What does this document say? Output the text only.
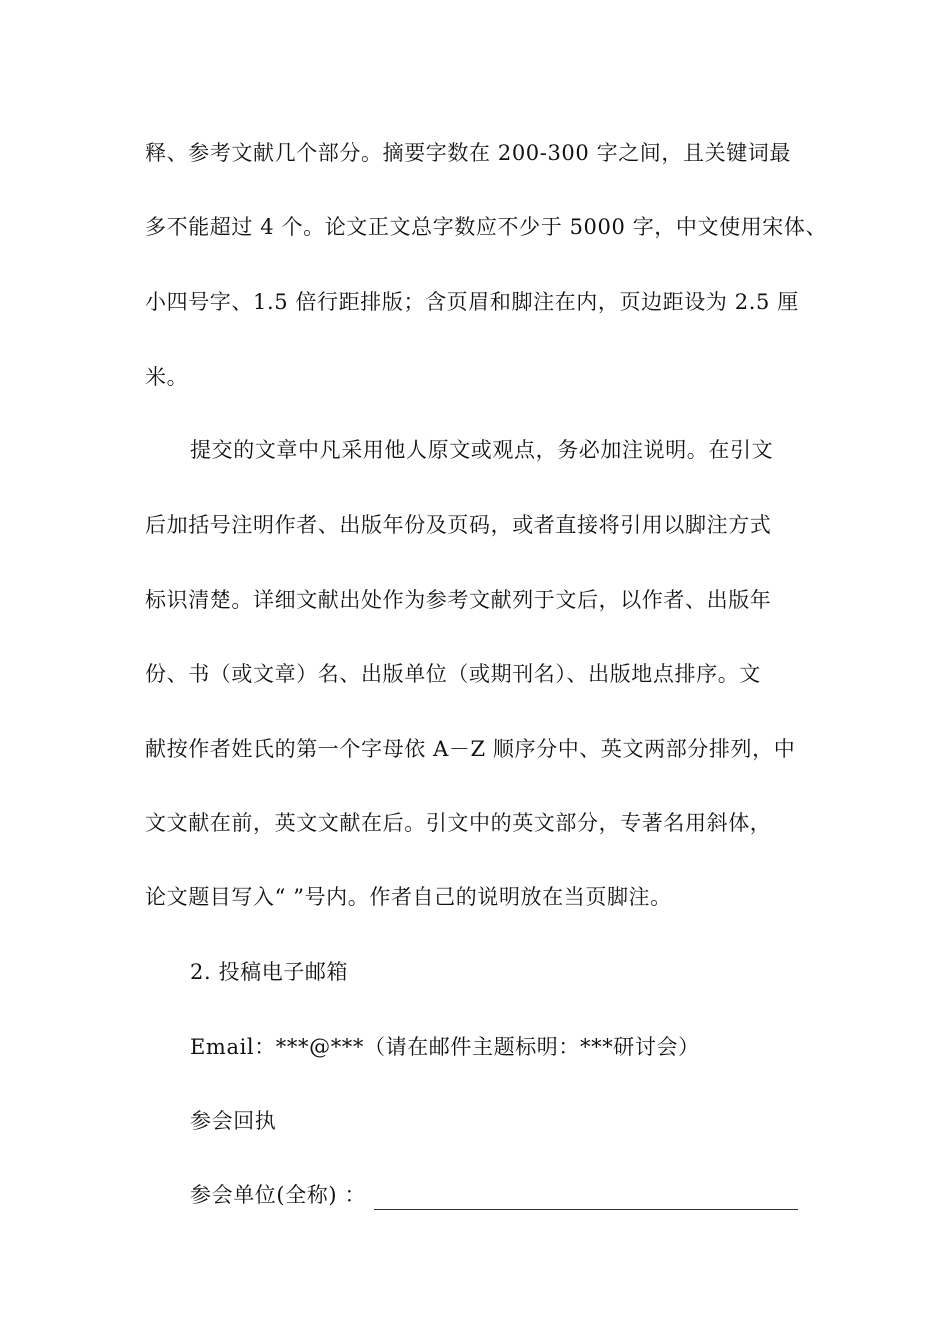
释、参考文献几个部分。摘要字数在 200-300 字之间，且关键词最
多不能超过 4 个。论文正文总字数应不少于 5000 字，中文使用宋体、
小四号字、1.5 倍行距排版；含页眉和脚注在内，页边距设为 2.5 厘
米。
提交的文章中凡采用他人原文或观点，务必加注说明。在引文
后加括号注明作者、出版年份及页码，或者直接将引用以脚注方式
标识清楚。详细文献出处作为参考文献列于文后，以作者、出版年
份、书（或文章）名、出版单位（或期刊名）、出版地点排序。文
献按作者姓氏的第一个字母依 A－Z 顺序分中、英文两部分排列，中
文文献在前，英文文献在后。引文中的英文部分，专著名用斜体，
论文题目写入“ ”号内。作者自己的说明放在当页脚注。
2. 投稿电子邮箱
Email：***@***（请在邮件主题标明：***研讨会）
参会回执
参会单位(全称) ：
